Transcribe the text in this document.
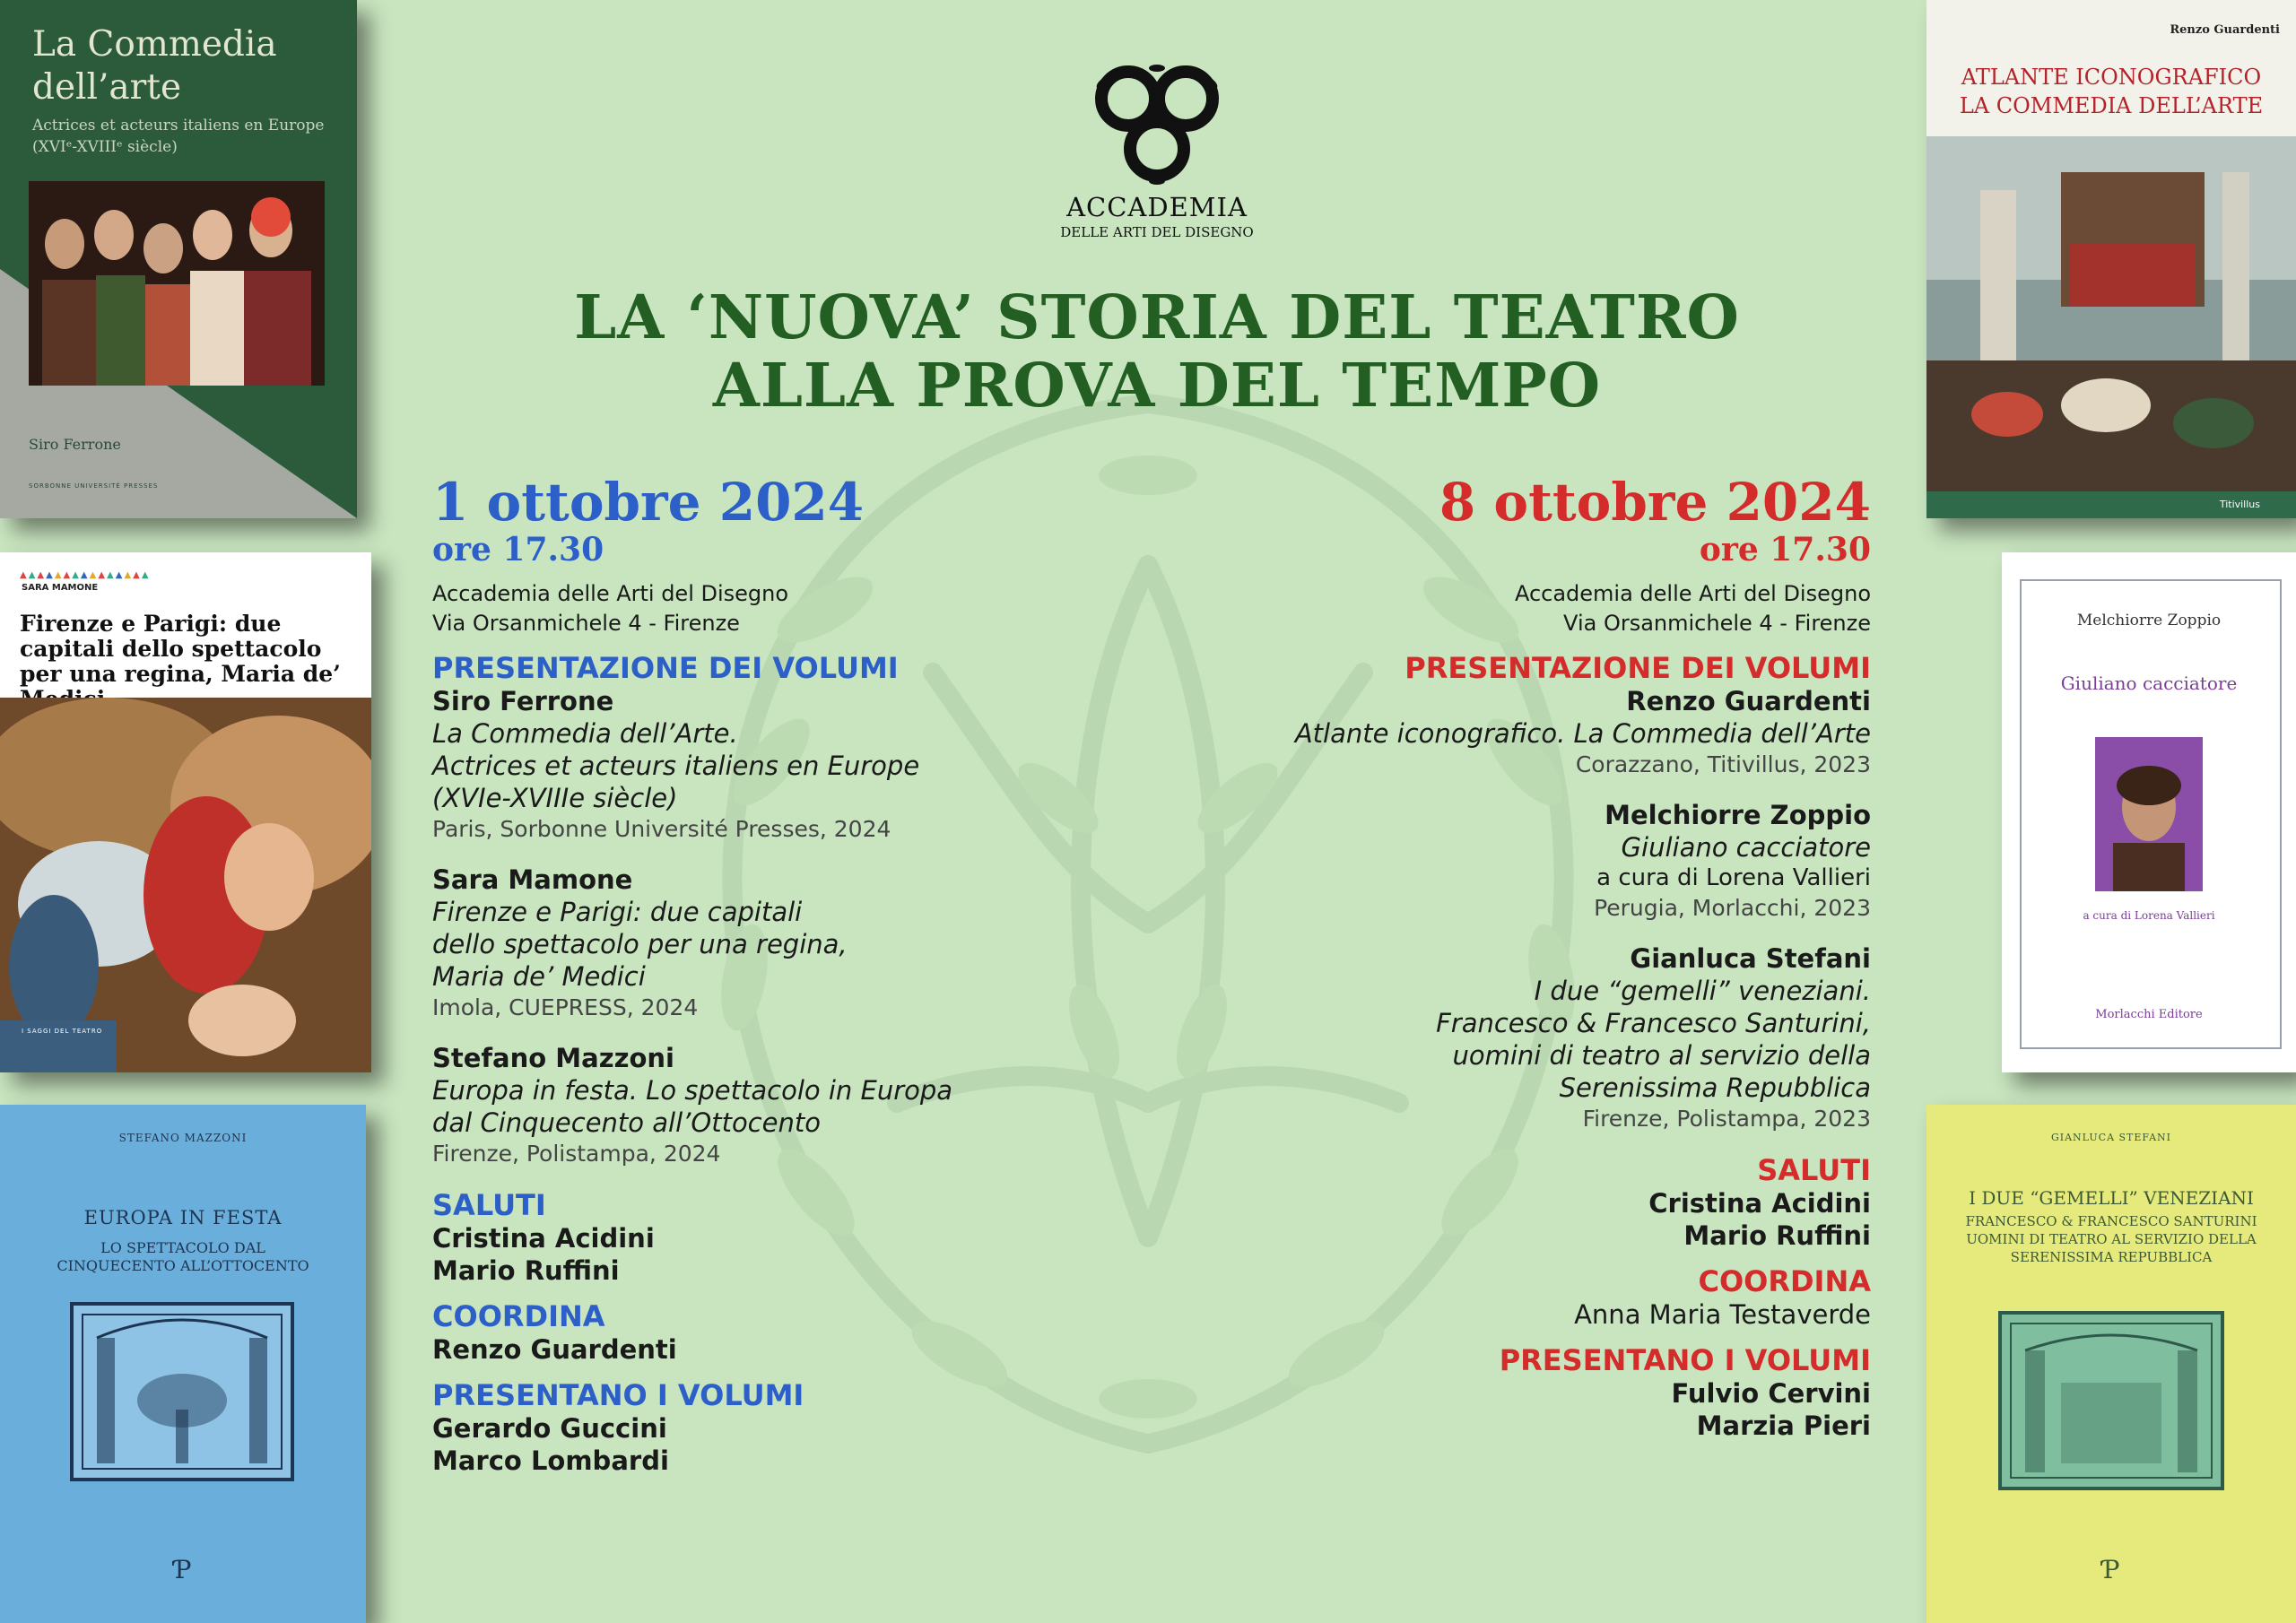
La Commedia
dell’arte
Actrices et acteurs italiens en Europe
(XVIᵉ-XVIIIᵉ siècle)
Siro Ferrone
SORBONNE UNIVERSITÉ PRESSES
▲▲▲▲▲▲▲▲▲▲▲▲▲▲▲
SARA MAMONE
Firenze e Parigi: due capitali dello spettacolo per una regina, Maria de’
I SAGGI DEL TEATRO
STEFANO MAZZONI
EUROPA IN FESTA
LO SPETTACOLO DAL CINQUECENTO ALL’OTTOCENTO
Ƥ
Renzo Guardenti
ATLANTE ICONOGRAFICO
LA COMMEDIA DELL’ARTE
Titivillus
Melchiorre Zoppio
Giuliano cacciatore
a cura di Lorena Vallieri
Morlacchi Editore
GIANLUCA STEFANI
I DUE “GEMELLI” VENEZIANI
FRANCESCO & FRANCESCO SANTURINI UOMINI DI TEATRO AL SERVIZIO DELLA SERENISSIMA REPUBBLICA
Ƥ
ACCADEMIA
DELLE ARTI DEL DISEGNO
LA ‘NUOVA’ STORIA DEL TEATRO
ALLA PROVA DEL TEMPO
1 ottobre 2024
ore 17.30
Accademia delle Arti del Disegno
Via Orsanmichele 4 - Firenze
PRESENTAZIONE DEI VOLUMI
Siro Ferrone
La Commedia dell’Arte.
Actrices et acteurs italiens en Europe
(XVIe-XVIIIe siècle)
Paris, Sorbonne Université Presses, 2024
Sara Mamone
Firenze e Parigi: due capitali
dello spettacolo per una regina,
Maria de’ Medici
Imola, CUEPRESS, 2024
Stefano Mazzoni
Europa in festa. Lo spettacolo in Europa
dal Cinquecento all’Ottocento
Firenze, Polistampa, 2024
SALUTI
Cristina Acidini
Mario Ruffini
COORDINA
Renzo Guardenti
PRESENTANO I VOLUMI
Gerardo Guccini
Marco Lombardi
8 ottobre 2024
ore 17.30
Accademia delle Arti del Disegno
Via Orsanmichele 4 - Firenze
PRESENTAZIONE DEI VOLUMI
Renzo Guardenti
Atlante iconografico. La Commedia dell’Arte
Corazzano, Titivillus, 2023
Melchiorre Zoppio
Giuliano cacciatore
a cura di Lorena Vallieri
Perugia, Morlacchi, 2023
Gianluca Stefani
I due “gemelli” veneziani.
Francesco & Francesco Santurini,
uomini di teatro al servizio della
Serenissima Repubblica
Firenze, Polistampa, 2023
SALUTI
Cristina Acidini
Mario Ruffini
COORDINA
Anna Maria Testaverde
PRESENTANO I VOLUMI
Fulvio Cervini
Marzia Pieri
